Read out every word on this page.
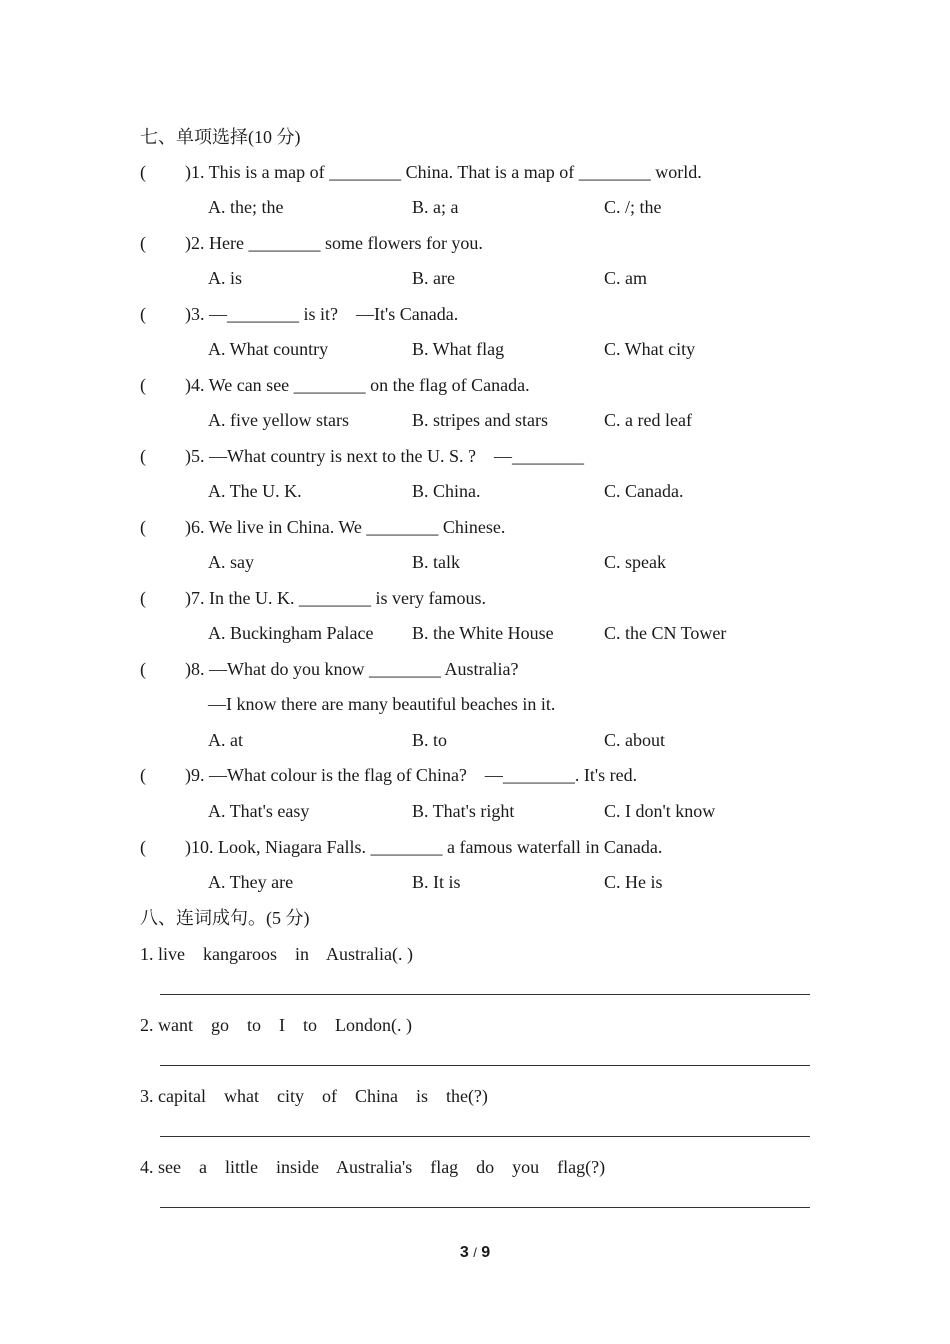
七、单项选择(10 分)
( )1. This is a map of ________ China. That is a map of ________ world.
A. the; the	B. a; a	C. /; the
( )2. Here ________ some flowers for you.
A. is	B. are	C. am
( )3. —________ is it?    —It's Canada.
A. What country	B. What flag	C. What city
( )4. We can see ________ on the flag of Canada.
A. five yellow stars	B. stripes and stars	C. a red leaf
( )5. —What country is next to the U. S. ?    —________
A. The U. K.	B. China.	C. Canada.
( )6. We live in China. We ________ Chinese.
A. say	B. talk	C. speak
( )7. In the U. K. ________ is very famous.
A. Buckingham Palace B. the White House	C. the CN Tower
( )8. —What do you know ________ Australia?
—I know there are many beautiful beaches in it.
A. at	B. to	C. about
( )9. —What colour is the flag of China?    —________. It's red.
A. That's easy	B. That's right	C. I don't know
( )10. Look, Niagara Falls. ________ a famous waterfall in Canada.
A. They are	B. It is	C. He is
八、连词成句。(5 分)
1. live    kangaroos    in    Australia(. )
2. want    go    to    I    to    London(. )
3. capital    what    city    of    China    is    the(?)
4. see    a    little    inside    Australia's    flag    do    you    flag(?)
3 / 9
